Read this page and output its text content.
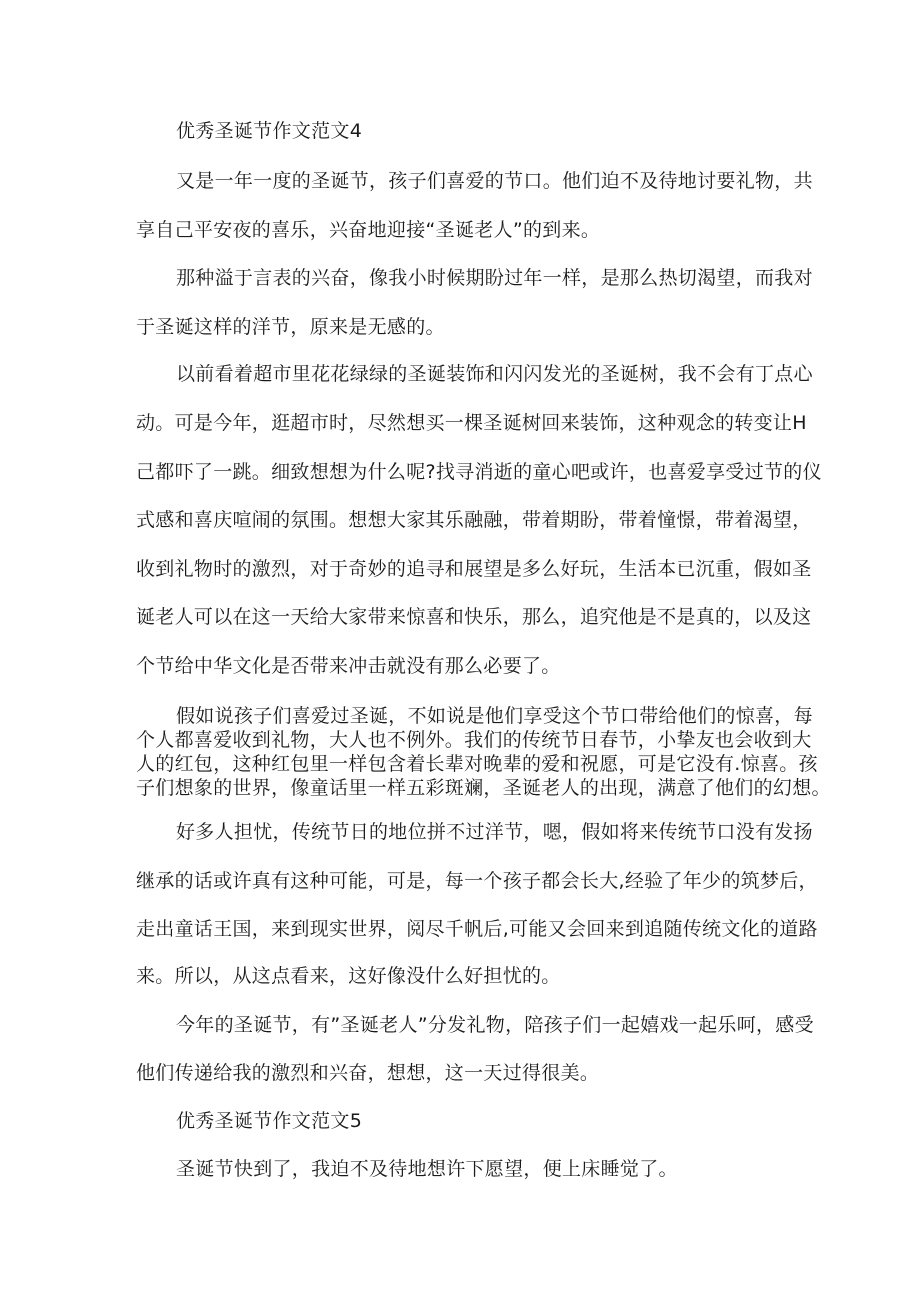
优秀圣诞节作文范文4
又是一年一度的圣诞节，孩子们喜爱的节口。他们迫不及待地讨要礼物，共
享自己平安夜的喜乐，兴奋地迎接“圣诞老人”的到来。
那种溢于言表的兴奋，像我小时候期盼过年一样，是那么热切渴望，而我对
于圣诞这样的洋节，原来是无感的。
以前看着超市里花花绿绿的圣诞装饰和闪闪发光的圣诞树，我不会有丁点心
动。可是今年，逛超市时，尽然想买一棵圣诞树回来装饰，这种观念的转变让H
己都吓了一跳。细致想想为什么呢?找寻消逝的童心吧或许，也喜爱享受过节的仪
式感和喜庆喧闹的氛围。想想大家其乐融融，带着期盼，带着憧憬，带着渴望，
收到礼物时的激烈，对于奇妙的追寻和展望是多么好玩，生活本已沉重，假如圣
诞老人可以在这一天给大家带来惊喜和快乐，那么，追究他是不是真的，以及这
个节给中华文化是否带来冲击就没有那么必要了。
假如说孩子们喜爱过圣诞，不如说是他们享受这个节口带给他们的惊喜，每
个人都喜爱收到礼物，大人也不例外。我们的传统节日春节，小挚友也会收到大
人的红包，这种红包里一样包含着长辈对晚辈的爱和祝愿，可是它没有.惊喜。孩
子们想象的世界，像童话里一样五彩斑斓，圣诞老人的出现，满意了他们的幻想。
好多人担忧，传统节日的地位拼不过洋节，嗯，假如将来传统节口没有发扬
继承的话或许真有这种可能，可是，每一个孩子都会长大,经验了年少的筑梦后，
走出童话王国，来到现实世界，阅尽千帆后,可能又会回来到追随传统文化的道路
来。所以，从这点看来，这好像没什么好担忧的。
今年的圣诞节，有”圣诞老人”分发礼物，陪孩子们一起嬉戏一起乐呵，感受
他们传递给我的激烈和兴奋，想想，这一天过得很美。
优秀圣诞节作文范文5
圣诞节快到了，我迫不及待地想许下愿望，便上床睡觉了。
